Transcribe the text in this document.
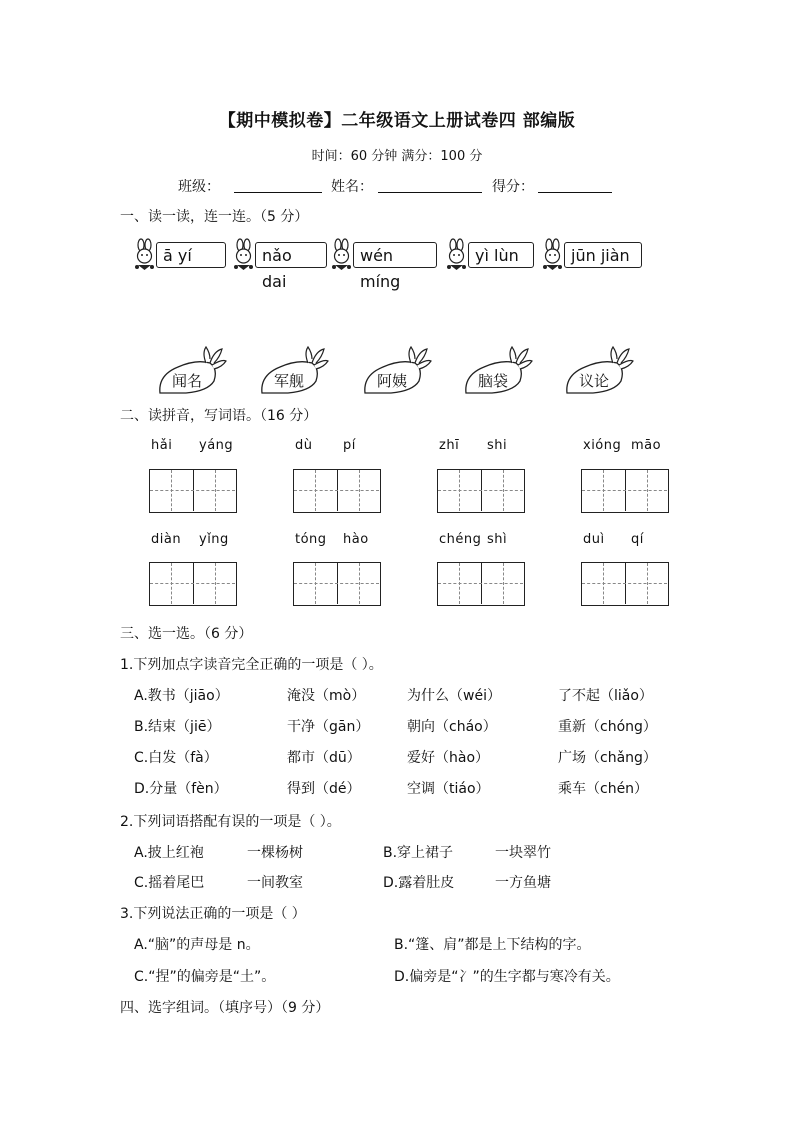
【期中模拟卷】二年级语文上册试卷四 部编版
时间：60 分钟 满分：100 分
班级：	姓名：	得分：
一、读一读，连一连。（5 分）
ā yí	nǎo dai
wén míng
yì lùn	jūn jiàn
闻名	军舰	阿姨	脑袋	议论
二、读拼音，写词语。（16 分）
hǎi yáng	dù pí	zhī shi	xióng māo
diàn yǐng	tóng hào	chéng shì	duì qí
三、选一选。（6 分）
1.下列加点字读音完全正确的一项是（ ）。
A.教书（jiāo）	淹没（mò）	为什么（wéi）	了不起（liǎo）
B.结束（jiē）	干净（gān）	朝向（cháo）	重新（chóng）
C.白发（fà）	都市（dū）	爱好（hào）	广场（chǎng）
D.分量（fèn）	得到（dé）	空调（tiáo）	乘车（chén）
2.下列词语搭配有误的一项是（ ）。
A.披上红袍	一棵杨树	B.穿上裙子	一块翠竹
C.摇着尾巴	一间教室	D.露着肚皮	一方鱼塘
3.下列说法正确的一项是（ ）
A.“脑”的声母是 n。	B.“篷、肩”都是上下结构的字。
C.“捏”的偏旁是“土”。	D.偏旁是“冫”的生字都与寒冷有关。
四、选字组词。（填序号）（9 分）
